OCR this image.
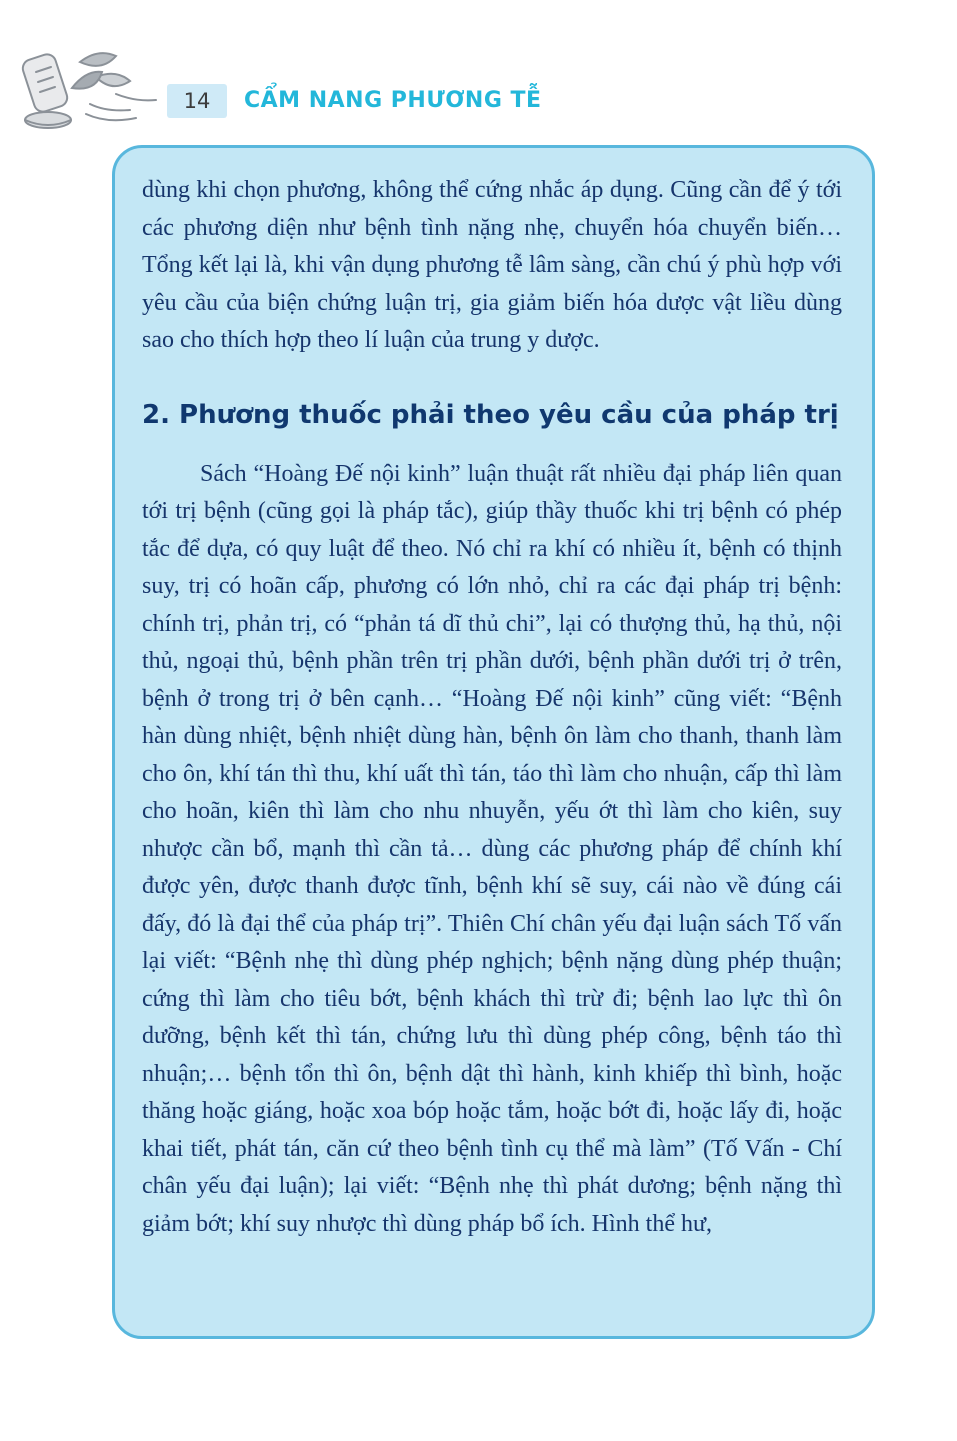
14 CẨM NANG PHƯƠNG TỄ

dùng khi chọn phương, không thể cứng nhắc áp dụng. Cũng cần để ý tới các phương diện như bệnh tình nặng nhẹ, chuyển hóa chuyển biến… Tổng kết lại là, khi vận dụng phương tễ lâm sàng, cần chú ý phù hợp với yêu cầu của biện chứng luận trị, gia giảm biến hóa dược vật liều dùng sao cho thích hợp theo lí luận của trung y dược.

2. Phương thuốc phải theo yêu cầu của pháp trị

Sách “Hoàng Đế nội kinh” luận thuật rất nhiều đại pháp liên quan tới trị bệnh (cũng gọi là pháp tắc), giúp thầy thuốc khi trị bệnh có phép tắc để dựa, có quy luật để theo. Nó chỉ ra khí có nhiều ít, bệnh có thịnh suy, trị có hoãn cấp, phương có lớn nhỏ, chỉ ra các đại pháp trị bệnh: chính trị, phản trị, có “phản tá dĩ thủ chi”, lại có thượng thủ, hạ thủ, nội thủ, ngoại thủ, bệnh phần trên trị phần dưới, bệnh phần dưới trị ở trên, bệnh ở trong trị ở bên cạnh… “Hoàng Đế nội kinh” cũng viết: “Bệnh hàn dùng nhiệt, bệnh nhiệt dùng hàn, bệnh ôn làm cho thanh, thanh làm cho ôn, khí tán thì thu, khí uất thì tán, táo thì làm cho nhuận, cấp thì làm cho hoãn, kiên thì làm cho nhu nhuyễn, yếu ớt thì làm cho kiên, suy nhược cần bổ, mạnh thì cần tả… dùng các phương pháp để chính khí được yên, được thanh được tĩnh, bệnh khí sẽ suy, cái nào về đúng cái đấy, đó là đại thể của pháp trị”. Thiên Chí chân yếu đại luận sách Tố vấn lại viết: “Bệnh nhẹ thì dùng phép nghịch; bệnh nặng dùng phép thuận; cứng thì làm cho tiêu bớt, bệnh khách thì trừ đi; bệnh lao lực thì ôn dưỡng, bệnh kết thì tán, chứng lưu thì dùng phép công, bệnh táo thì nhuận;… bệnh tổn thì ôn, bệnh dật thì hành, kinh khiếp thì bình, hoặc thăng hoặc giáng, hoặc xoa bóp hoặc tắm, hoặc bớt đi, hoặc lấy đi, hoặc khai tiết, phát tán, căn cứ theo bệnh tình cụ thể mà làm” (Tố Vấn - Chí chân yếu đại luận); lại viết: “Bệnh nhẹ thì phát dương; bệnh nặng thì giảm bớt; khí suy nhược thì dùng pháp bổ ích. Hình thể hư,
